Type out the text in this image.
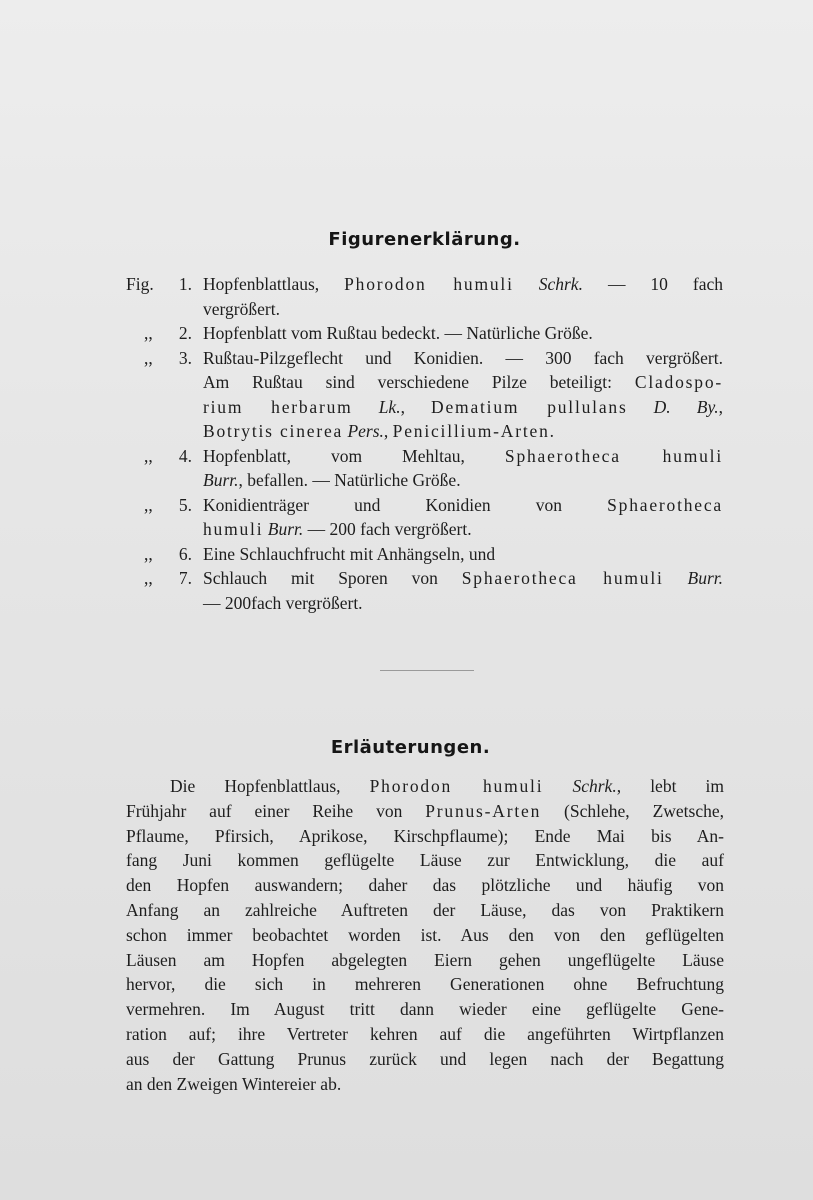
Figurenerklärung.
Fig.	1. Hopfenblattlaus, Phorodon humuli Schrk. — 10 fach
vergrößert.
,,	2. Hopfenblatt vom Rußtau bedeckt. — Natürliche Größe.
,,	3. Rußtau-Pilzgeflecht und Konidien. — 300 fach vergrößert.
Am Rußtau sind verschiedene Pilze beteiligt: Cladospo-
rium herbarum Lk., Dematium pullulans D. By.,
Botrytis cinerea Pers., Penicillium-Arten.
,,	4. Hopfenblatt, vom Mehltau, Sphaerotheca humuli
Burr., befallen. — Natürliche Größe.
,,	5. Konidienträger und Konidien von Sphaerotheca
humuli Burr. — 200 fach vergrößert.
,,	6. Eine Schlauchfrucht mit Anhängseln, und
,,	7. Schlauch mit Sporen von Sphaerotheca humuli Burr.
— 200fach vergrößert.
Erläuterungen.
Die Hopfenblattlaus, Phorodon humuli Schrk., lebt im
Frühjahr auf einer Reihe von Prunus-Arten (Schlehe, Zwetsche,
Pflaume, Pfirsich, Aprikose, Kirschpflaume); Ende Mai bis An-
fang Juni kommen geflügelte Läuse zur Entwicklung, die auf
den Hopfen auswandern; daher das plötzliche und häufig von
Anfang an zahlreiche Auftreten der Läuse, das von Praktikern
schon immer beobachtet worden ist. Aus den von den geflügelten
Läusen am Hopfen abgelegten Eiern gehen ungeflügelte Läuse
hervor, die sich in mehreren Generationen ohne Befruchtung
vermehren. Im August tritt dann wieder eine geflügelte Gene-
ration auf; ihre Vertreter kehren auf die angeführten Wirtpflanzen
aus der Gattung Prunus zurück und legen nach der Begattung
an den Zweigen Wintereier ab.
